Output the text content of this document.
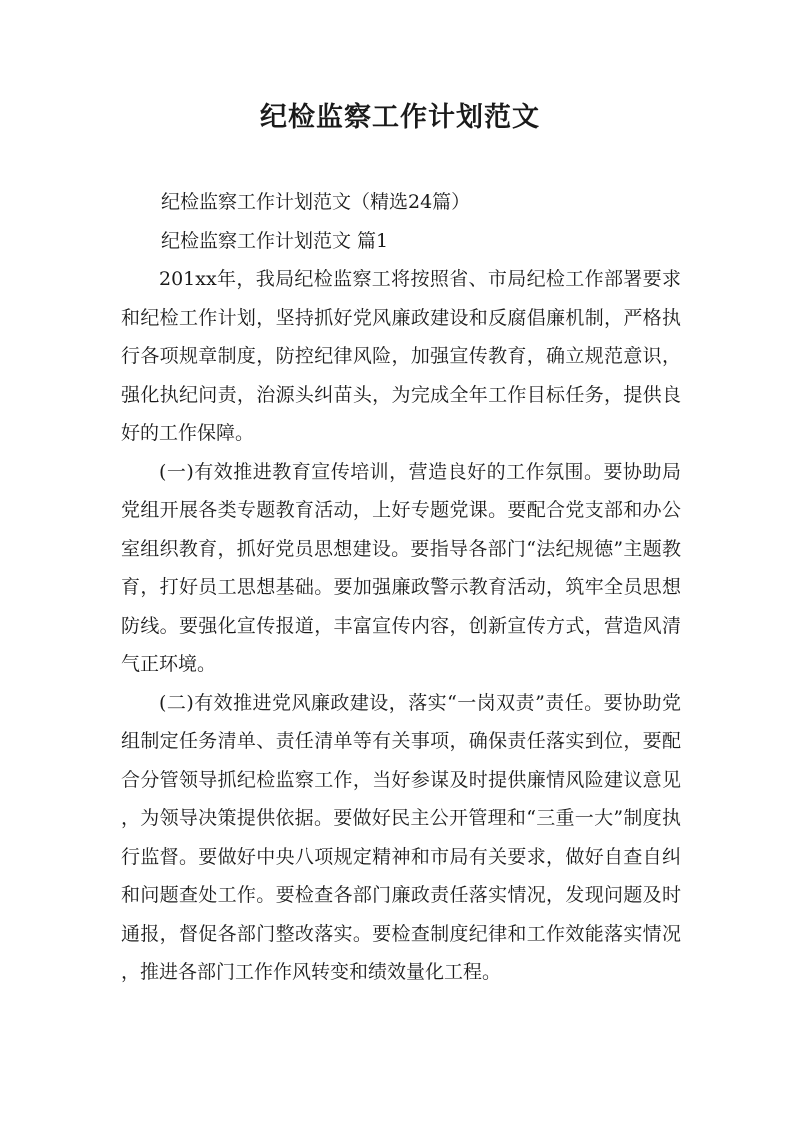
纪检监察工作计划范文

纪检监察工作计划范文（精选24篇）

纪检监察工作计划范文 篇1

201xx年，我局纪检监察工将按照省、市局纪检工作部署要求和纪检工作计划，坚持抓好党风廉政建设和反腐倡廉机制，严格执行各项规章制度，防控纪律风险，加强宣传教育，确立规范意识，强化执纪问责，治源头纠苗头，为完成全年工作目标任务，提供良好的工作保障。

(一)有效推进教育宣传培训，营造良好的工作氛围。要协助局党组开展各类专题教育活动，上好专题党课。要配合党支部和办公室组织教育，抓好党员思想建设。要指导各部门“法纪规德”主题教育，打好员工思想基础。要加强廉政警示教育活动，筑牢全员思想防线。要强化宣传报道，丰富宣传内容，创新宣传方式，营造风清气正环境。

(二)有效推进党风廉政建设，落实“一岗双责”责任。要协助党组制定任务清单、责任清单等有关事项，确保责任落实到位，要配合分管领导抓纪检监察工作，当好参谋及时提供廉情风险建议意见，为领导决策提供依据。要做好民主公开管理和“三重一大”制度执行监督。要做好中央八项规定精神和市局有关要求，做好自查自纠和问题查处工作。要检查各部门廉政责任落实情况，发现问题及时通报，督促各部门整改落实。要检查制度纪律和工作效能落实情况，推进各部门工作作风转变和绩效量化工程。
